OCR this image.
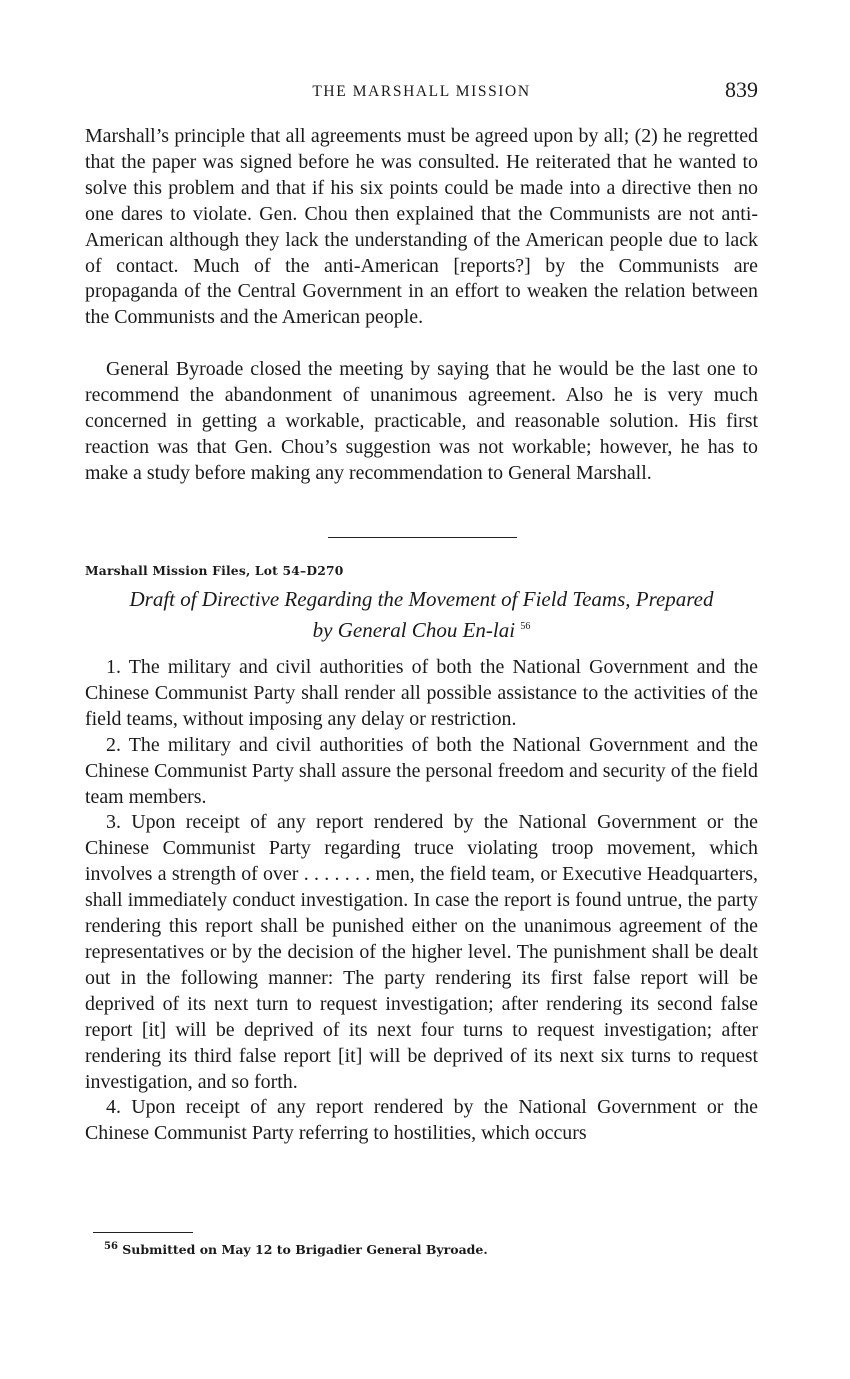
THE MARSHALL MISSION	839

Marshall’s principle that all agreements must be agreed upon by all; (2) he regretted that the paper was signed before he was consulted. He reiterated that he wanted to solve this problem and that if his six points could be made into a directive then no one dares to violate. Gen. Chou then explained that the Communists are not anti-American although they lack the understanding of the American people due to lack of contact. Much of the anti-American [reports?] by the Communists are propaganda of the Central Government in an effort to weaken the relation between the Communists and the American people.

General Byroade closed the meeting by saying that he would be the last one to recommend the abandonment of unanimous agreement. Also he is very much concerned in getting a workable, practicable, and reasonable solution. His first reaction was that Gen. Chou’s suggestion was not workable; however, he has to make a study before making any recommendation to General Marshall.

Marshall Mission Files, Lot 54–D270
Draft of Directive Regarding the Movement of Field Teams, Prepared
by General Chou En-lai $^{56}$

1. The military and civil authorities of both the National Government and the Chinese Communist Party shall render all possible assistance to the activities of the field teams, without imposing any delay or restriction.

2. The military and civil authorities of both the National Government and the Chinese Communist Party shall assure the personal freedom and security of the field team members.

3. Upon receipt of any report rendered by the National Government or the Chinese Communist Party regarding truce violating troop movement, which involves a strength of over . . . . . . . men, the field team, or Executive Headquarters, shall immediately conduct investigation. In case the report is found untrue, the party rendering this report shall be punished either on the unanimous agreement of the representatives or by the decision of the higher level. The punishment shall be dealt out in the following manner: The party rendering its first false report will be deprived of its next turn to request investigation; after rendering its second false report [it] will be deprived of its next four turns to request investigation; after rendering its third false report [it] will be deprived of its next six turns to request investigation, and so forth.

4. Upon receipt of any report rendered by the National Government or the Chinese Communist Party referring to hostilities, which occurs

$^{56}$ Submitted on May 12 to Brigadier General Byroade.
